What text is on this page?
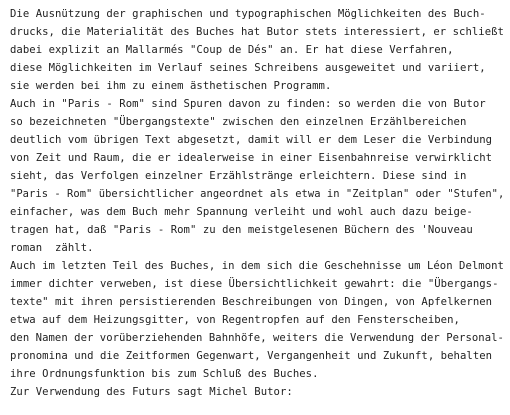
Die Ausnützung der graphischen und typographischen Möglichkeiten des Buch-
drucks, die Materialität des Buches hat Butor stets interessiert, er schließt
dabei explizit an Mallarmés "Coup de Dés" an. Er hat diese Verfahren,
diese Möglichkeiten im Verlauf seines Schreibens ausgeweitet und variiert,
sie werden bei ihm zu einem ästhetischen Programm.
Auch in "Paris - Rom" sind Spuren davon zu finden: so werden die von Butor
so bezeichneten "Übergangstexte" zwischen den einzelnen Erzählbereichen
deutlich vom übrigen Text abgesetzt, damit will er dem Leser die Verbindung
von Zeit und Raum, die er idealerweise in einer Eisenbahnreise verwirklicht
sieht, das Verfolgen einzelner Erzählstränge erleichtern. Diese sind in
"Paris - Rom" übersichtlicher angeordnet als etwa in "Zeitplan" oder "Stufen",
einfacher, was dem Buch mehr Spannung verleiht und wohl auch dazu beige-
tragen hat, daß "Paris - Rom" zu den meistgelesenen Büchern des 'Nouveau
roman  zählt.
Auch im letzten Teil des Buches, in dem sich die Geschehnisse um Léon Delmont
immer dichter verweben, ist diese Übersichtlichkeit gewahrt: die "Übergangs-
texte" mit ihren persistierenden Beschreibungen von Dingen, von Apfelkernen
etwa auf dem Heizungsgitter, von Regentropfen auf den Fensterscheiben,
den Namen der vorüberziehenden Bahnhöfe, weiters die Verwendung der Personal-
pronomina und die Zeitformen Gegenwart, Vergangenheit und Zukunft, behalten
ihre Ordnungsfunktion bis zum Schluß des Buches.
Zur Verwendung des Futurs sagt Michel Butor:
